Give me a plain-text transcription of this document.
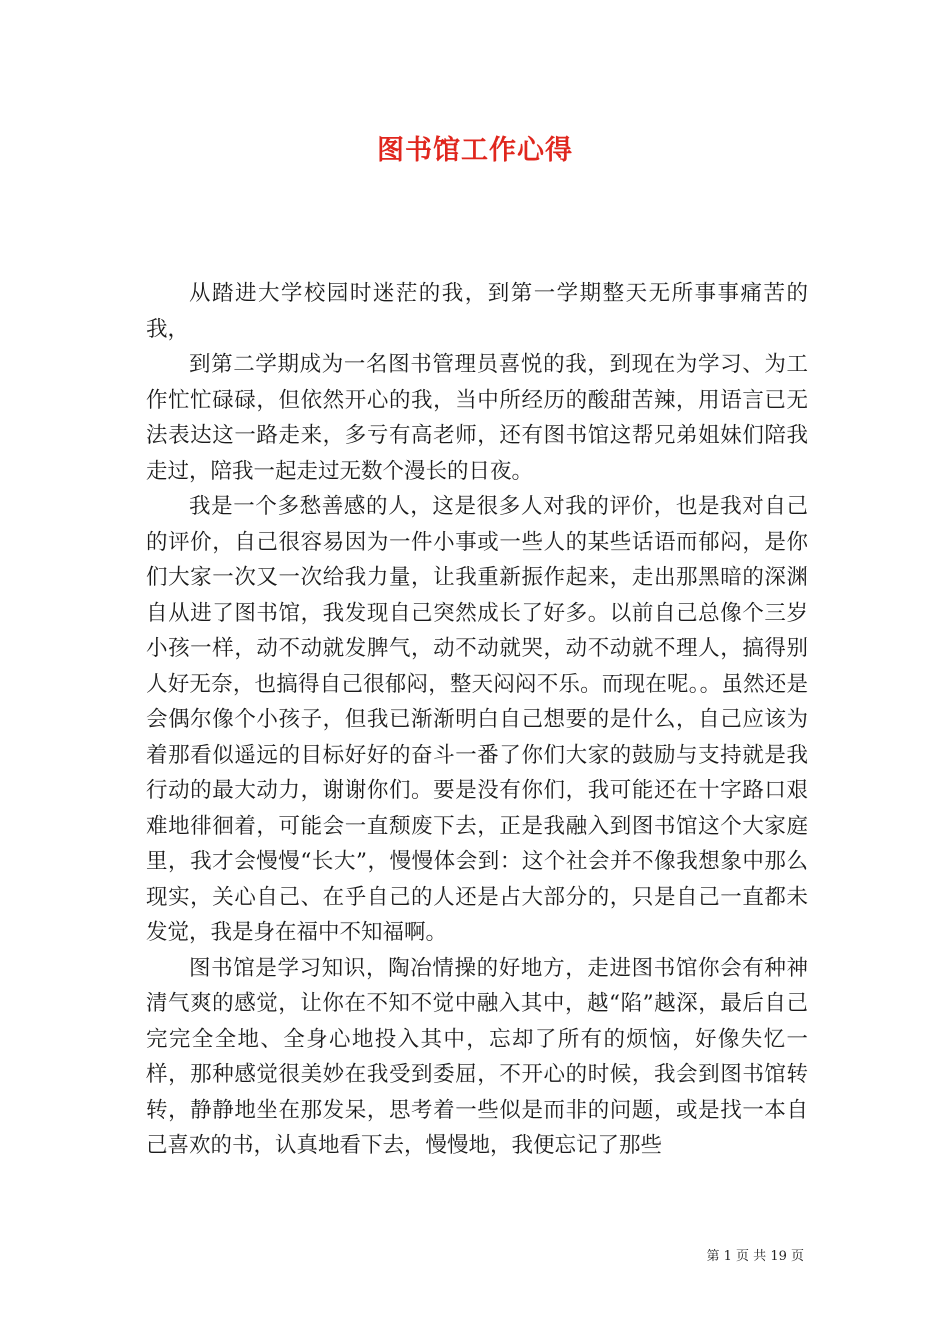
图书馆工作心得

从踏进大学校园时迷茫的我，到第一学期整天无所事事痛苦的我，

到第二学期成为一名图书管理员喜悦的我，到现在为学习、为工作忙忙碌碌，但依然开心的我，当中所经历的酸甜苦辣，用语言已无法表达这一路走来，多亏有高老师，还有图书馆这帮兄弟姐妹们陪我走过，陪我一起走过无数个漫长的日夜。

我是一个多愁善感的人，这是很多人对我的评价，也是我对自己的评价，自己很容易因为一件小事或一些人的某些话语而郁闷，是你们大家一次又一次给我力量，让我重新振作起来，走出那黑暗的深渊自从进了图书馆，我发现自己突然成长了好多。以前自己总像个三岁小孩一样，动不动就发脾气，动不动就哭，动不动就不理人，搞得别人好无奈，也搞得自己很郁闷，整天闷闷不乐。而现在呢。。虽然还是会偶尔像个小孩子，但我已渐渐明白自己想要的是什么，自己应该为着那看似遥远的目标好好的奋斗一番了你们大家的鼓励与支持就是我行动的最大动力，谢谢你们。要是没有你们，我可能还在十字路口艰难地徘徊着，可能会一直颓废下去，正是我融入到图书馆这个大家庭里，我才会慢慢“长大”，慢慢体会到：这个社会并不像我想象中那么现实，关心自己、在乎自己的人还是占大部分的，只是自己一直都未发觉，我是身在福中不知福啊。

图书馆是学习知识，陶冶情操的好地方，走进图书馆你会有种神清气爽的感觉，让你在不知不觉中融入其中，越“陷”越深，最后自己完完全全地、全身心地投入其中，忘却了所有的烦恼，好像失忆一样，那种感觉很美妙在我受到委屈，不开心的时候，我会到图书馆转转，静静地坐在那发呆，思考着一些似是而非的问题，或是找一本自己喜欢的书，认真地看下去，慢慢地，我便忘记了那些

第 1 页 共 19 页
